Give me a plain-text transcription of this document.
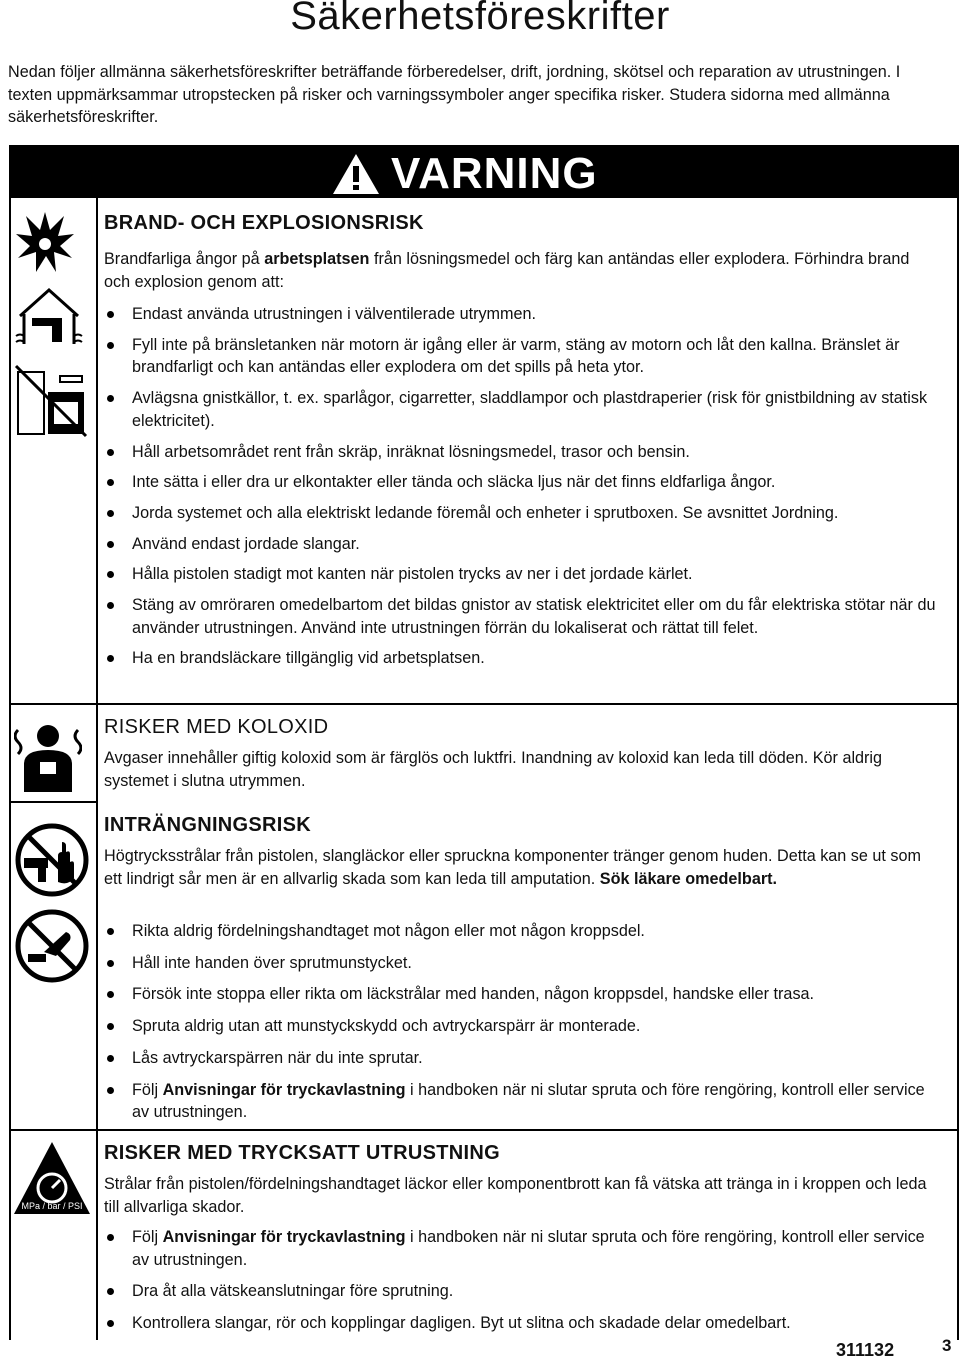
Säkerhetsföreskrifter

Nedan följer allmänna säkerhetsföreskrifter beträffande förberedelser, drift, jordning, skötsel och reparation av utrustningen. I texten uppmärksammar utropstecken på risker och varningssymboler anger specifika risker. Studera sidorna med allmänna säkerhetsföreskrifter.

VARNING
BRAND- OCH EXPLOSIONSRISK
Brandfarliga ångor på arbetsplatsen från lösningsmedel och färg kan antändas eller explodera. Förhindra brand och explosion genom att:
Endast använda utrustningen i välventilerade utrymmen.
Fyll inte på bränsletanken när motorn är igång eller är varm, stäng av motorn och låt den kallna. Bränslet är brandfarligt och kan antändas eller explodera om det spills på heta ytor.
Avlägsna gnistkällor, t. ex. sparlågor, cigarretter, sladdlampor och plastdraperier (risk för gnistbildning av statisk elektricitet).
Håll arbetsområdet rent från skräp, inräknat lösningsmedel, trasor och bensin.
Inte sätta i eller dra ur elkontakter eller tända och släcka ljus när det finns eldfarliga ångor.
Jorda systemet och alla elektriskt ledande föremål och enheter i sprutboxen. Se avsnittet Jordning.
Använd endast jordade slangar.
Hålla pistolen stadigt mot kanten när pistolen trycks av ner i det jordade kärlet.
Stäng av omröraren omedelbartom det bildas gnistor av statisk elektricitet eller om du får elektriska stötar när du använder utrustningen. Använd inte utrustningen förrän du lokaliserat och rättat till felet.
Ha en brandsläckare tillgänglig vid arbetsplatsen.
RISKER MED KOLOXID
Avgaser innehåller giftig koloxid som är färglös och luktfri. Inandning av koloxid kan leda till döden. Kör aldrig systemet i slutna utrymmen.
INTRÄNGNINGSRISK
Högtrycksstrålar från pistolen, slangläckor eller spruckna komponenter tränger genom huden. Detta kan se ut som ett lindrigt sår men är en allvarlig skada som kan leda till amputation. Sök läkare omedelbart.
Rikta aldrig fördelningshandtaget mot någon eller mot någon kroppsdel.
Håll inte handen över sprutmunstycket.
Försök inte stoppa eller rikta om läckstrålar med handen, någon kroppsdel, handske eller trasa.
Spruta aldrig utan att munstyckskydd och avtryckarspärr är monterade.
Lås avtryckarspärren när du inte sprutar.
Följ Anvisningar för tryckavlastning i handboken när ni slutar spruta och före rengöring, kontroll eller service av utrustningen.
MPa / bar / PSI
RISKER MED TRYCKSATT UTRUSTNING
Strålar från pistolen/fördelningshandtaget läckor eller komponentbrott kan få vätska att tränga in i kroppen och leda till allvarliga skador.
Följ Anvisningar för tryckavlastning i handboken när ni slutar spruta och före rengöring, kontroll eller service av utrustningen.
Dra åt alla vätskeanslutningar före sprutning.
Kontrollera slangar, rör och kopplingar dagligen. Byt ut slitna och skadade delar omedelbart.
311132	3
